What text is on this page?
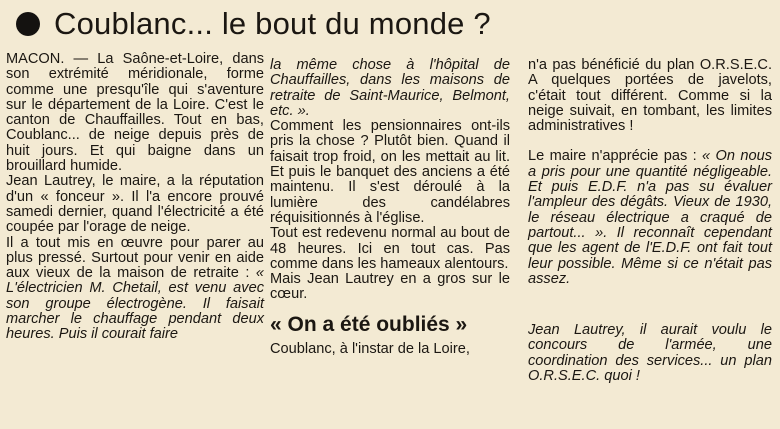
Coublanc... le bout du monde ?

MACON. — La Saône-et-Loire, dans son extrémité méridionale, forme comme une presqu'île qui s'aventure sur le département de la Loire. C'est le canton de Chauffailles. Tout en bas, Coublanc... de neige depuis près de huit jours. Et qui baigne dans un brouillard humide.

Jean Lautrey, le maire, a la réputation d'un « fonceur ». Il l'a encore prouvé samedi dernier, quand l'électricité a été coupée par l'orage de neige.

Il a tout mis en œuvre pour parer au plus pressé. Surtout pour venir en aide aux vieux de la maison de retraite : « L'électricien M. Chetail, est venu avec son groupe électrogène. Il faisait marcher le chauffage pendant deux heures. Puis il courait faire

la même chose à l'hôpital de Chauffailles, dans les maisons de retraite de Saint-Maurice, Belmont, etc. ».

Comment les pensionnaires ont-ils pris la chose ? Plutôt bien. Quand il faisait trop froid, on les mettait au lit. Et puis le banquet des anciens a été maintenu. Il s'est déroulé à la lumière des candélabres réquisitionnés à l'église.

Tout est redevenu normal au bout de 48 heures. Ici en tout cas. Pas comme dans les hameaux alentours.

Mais Jean Lautrey en a gros sur le cœur.

« On a été oubliés »

Coublanc, à l'instar de la Loire,

n'a pas bénéficié du plan O.R.S.E.C. A quelques portées de javelots, c'était tout différent. Comme si la neige suivait, en tombant, les limites administratives !

Le maire n'apprécie pas : « On nous a pris pour une quantité négligeable. Et puis E.D.F. n'a pas su évaluer l'ampleur des dégâts. Vieux de 1930, le réseau électrique a craqué de partout... ». Il reconnaît cependant que les agent de l'E.D.F. ont fait tout leur possible. Même si ce n'était pas assez.

Jean Lautrey, il aurait voulu le concours de l'armée, une coordination des services... un plan O.R.S.E.C. quoi !
